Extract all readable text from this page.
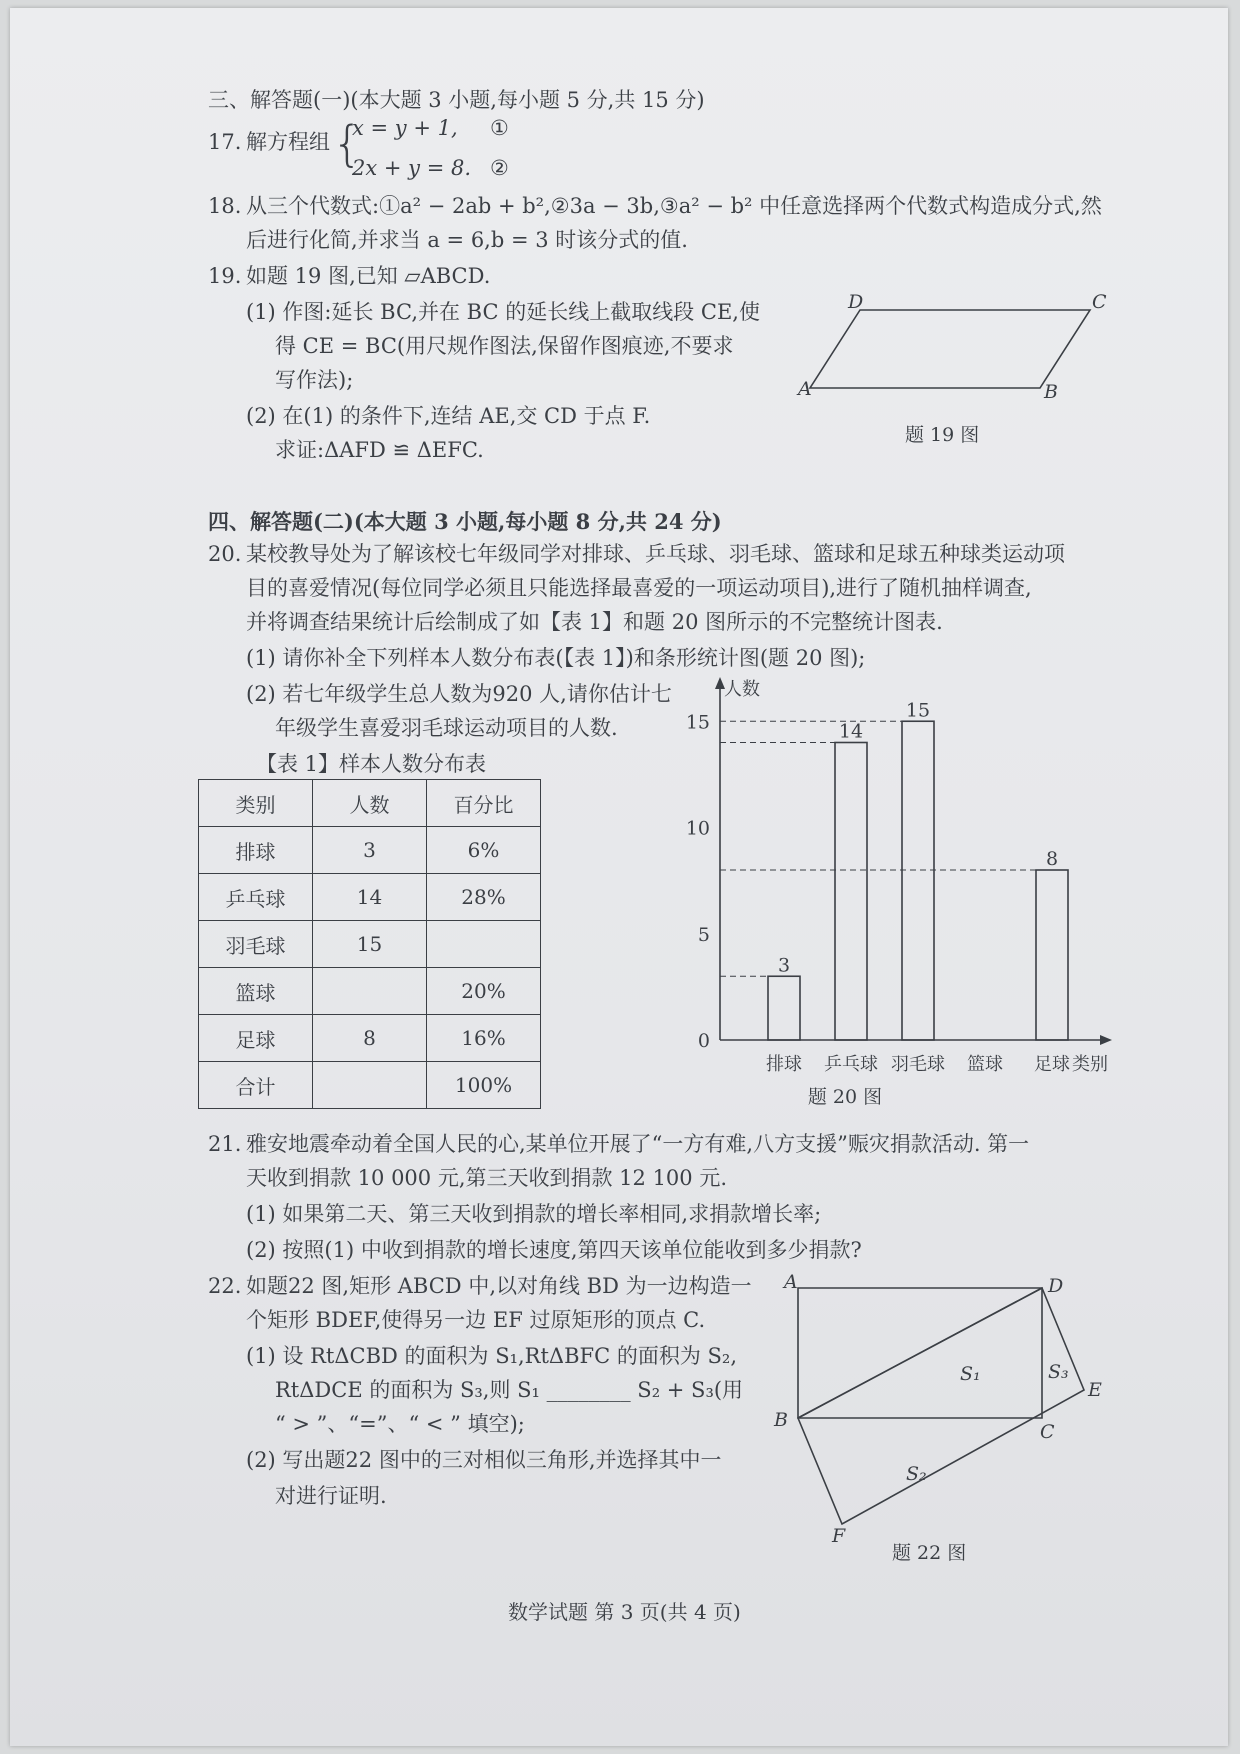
三、解答题(一)(本大题 3 小题,每小题 5 分,共 15 分)
17. 解方程组 {
x = y + 1,
2x + y = 8.
①
②
18. 从三个代数式:①a² − 2ab + b²,②3a − 3b,③a² − b² 中任意选择两个代数式构造成分式,然
后进行化简,并求当 a = 6,b = 3 时该分式的值.
19. 如题 19 图,已知 ▱ABCD.
(1) 作图:延长 BC,并在 BC 的延长线上截取线段 CE,使
得 CE = BC(用尺规作图法,保留作图痕迹,不要求
写作法);
(2) 在(1) 的条件下,连结 AE,交 CD 于点 F.
求证:ΔAFD ≌ ΔEFC.
D	C
A	B
题 19 图
四、解答题(二)(本大题 3 小题,每小题 8 分,共 24 分)
20. 某校教导处为了解该校七年级同学对排球、乒乓球、羽毛球、篮球和足球五种球类运动项
目的喜爱情况(每位同学必须且只能选择最喜爱的一项运动项目),进行了随机抽样调查,
并将调查结果统计后绘制成了如【表 1】和题 20 图所示的不完整统计图表.
(1) 请你补全下列样本人数分布表(【表 1】)和条形统计图(题 20 图);
(2) 若七年级学生总人数为920 人,请你估计七
年级学生喜爱羽毛球运动项目的人数.
【表 1】样本人数分布表
类别	人数	百分比
排球	3	6%
乒乓球	14	28%
羽毛球	15	
篮球		20%
足球	8	16%
合计		100%
人数
类别
0
5
10
15
3
排球
14
乒乓球
15
羽毛球 篮球
8
足球
题 20 图
21. 雅安地震牵动着全国人民的心,某单位开展了“一方有难,八方支援”赈灾捐款活动. 第一
天收到捐款 10 000 元,第三天收到捐款 12 100 元.
(1) 如果第二天、第三天收到捐款的增长率相同,求捐款增长率;
(2) 按照(1) 中收到捐款的增长速度,第四天该单位能收到多少捐款?
22. 如题22 图,矩形 ABCD 中,以对角线 BD 为一边构造一
个矩形 BDEF,使得另一边 EF 过原矩形的顶点 C.
(1) 设 RtΔCBD 的面积为 S₁,RtΔBFC 的面积为 S₂,
RtΔDCE 的面积为 S₃,则 S₁ ________ S₂ + S₃(用
“ > ”、“=”、“ < ” 填空);
(2) 写出题22 图中的三对相似三角形,并选择其中一
对进行证明.
A	D
E
C
B
F
S₁
S₂
S₃
题 22 图
数学试题 第 3 页(共 4 页)
